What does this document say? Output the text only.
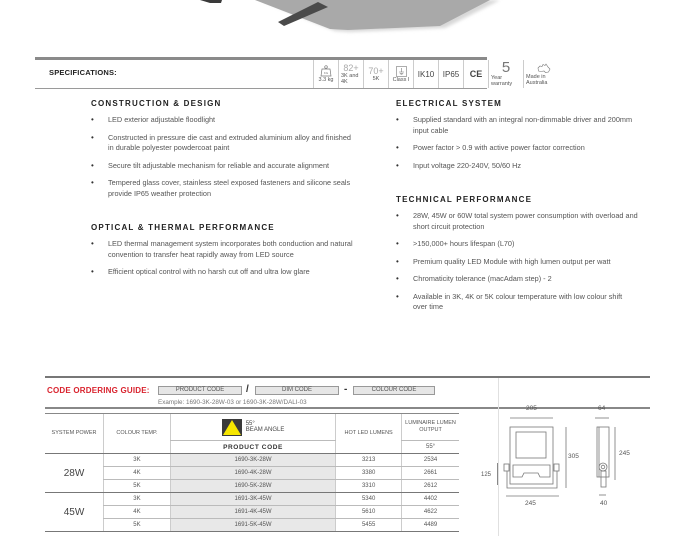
SPECIFICATIONS:	KG
3.3 kg
82+
3K and 4K
70+
5K Class I
IK10 IP65 CE 5
Year warranty
Made in Australia
CONSTRUCTION & DESIGN
• LED exterior adjustable floodlight
• Constructed in pressure die cast and extruded aluminium alloy and finished in durable polyester powdercoat paint
• Secure tilt adjustable mechanism for reliable and accurate alignment
• Tempered glass cover, stainless steel exposed fasteners and silicone seals provide IP65 weather protection
OPTICAL & THERMAL PERFORMANCE
• LED thermal management system incorporates both conduction and natural convention to transfer heat rapidly away from LED source
• Efficient optical control with no harsh cut off and ultra low glare
ELECTRICAL SYSTEM
• Supplied standard with an integral non-dimmable driver and 200mm input cable
• Power factor > 0.9 with active power factor correction
• Input voltage 220-240V, 50/60 Hz
TECHNICAL PERFORMANCE
• 28W, 45W or 60W total system power consumption with overload and short circuit protection
• >150,000+ hours lifespan (L70)
• Premium quality LED Module with high lumen output per watt
• Chromaticity tolerance (macAdam step) - 2
• Available in 3K, 4K or 5K colour temperature with low colour shift over time
CODE ORDERING GUIDE:	PRODUCT CODE	/	DIM CODE	-	COLOUR CODE
Example: 1690-3K-28W-03 or 1690-3K-28W/DALI-03
SYSTEM POWER	COLOUR TEMP.	55°
BEAM ANGLE	HOT LED LUMENS	LUMINAIRE LUMEN OUTPUT
		PRODUCT CODE		55°
28W	3K	1690-3K-28W	3213	2534
	4K	1690-4K-28W	3380	2661
	5K	1690-5K-28W	3310	2612
45W	3K	1691-3K-45W	5340	4402
	4K	1691-4K-45W	5610	4622
	5K	1691-5K-45W	5455	4489
125
205	64
305	245
245	40
